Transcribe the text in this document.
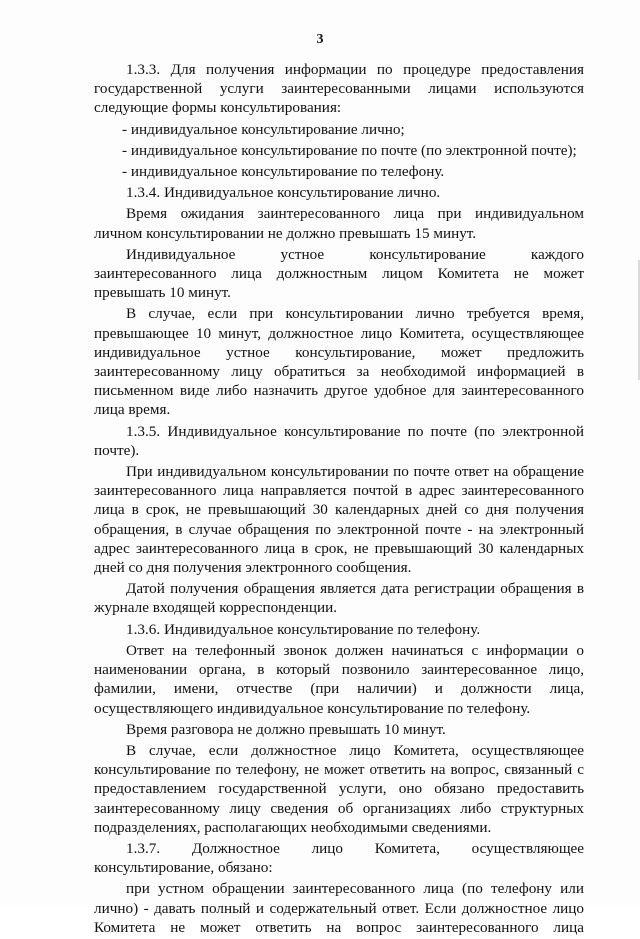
3

1.3.3. Для получения информации по процедуре предоставления государственной услуги заинтересованными лицами используются следующие формы консультирования:

- индивидуальное консультирование лично;

- индивидуальное консультирование по почте (по электронной почте);

- индивидуальное консультирование по телефону.

1.3.4. Индивидуальное консультирование лично.

Время ожидания заинтересованного лица при индивидуальном личном консультировании не должно превышать 15 минут.

Индивидуальное устное консультирование каждого заинтересованного лица должностным лицом Комитета не может превышать 10 минут.

В случае, если при консультировании лично требуется время, превышающее 10 минут, должностное лицо Комитета, осуществляющее индивидуальное устное консультирование, может предложить заинтересованному лицу обратиться за необходимой информацией в письменном виде либо назначить другое удобное для заинтересованного лица время.

1.3.5. Индивидуальное консультирование по почте (по электронной почте).

При индивидуальном консультировании по почте ответ на обращение заинтересованного лица направляется почтой в адрес заинтересованного лица в срок, не превышающий 30 календарных дней со дня получения обращения, в случае обращения по электронной почте - на электронный адрес заинтересованного лица в срок, не превышающий 30 календарных дней со дня получения электронного сообщения.

Датой получения обращения является дата регистрации обращения в журнале входящей корреспонденции.

1.3.6. Индивидуальное консультирование по телефону.

Ответ на телефонный звонок должен начинаться с информации о наименовании органа, в который позвонило заинтересованное лицо, фамилии, имени, отчестве (при наличии) и должности лица, осуществляющего индивидуальное консультирование по телефону.

Время разговора не должно превышать 10 минут.

В случае, если должностное лицо Комитета, осуществляющее консультирование по телефону, не может ответить на вопрос, связанный с предоставлением государственной услуги, оно обязано предоставить заинтересованному лицу сведения об организациях либо структурных подразделениях, располагающих необходимыми сведениями.

1.3.7. Должностное лицо Комитета, осуществляющее консультирование, обязано:

при устном обращении заинтересованного лица (по телефону или лично) - давать полный и содержательный ответ. Если должностное лицо Комитета не может ответить на вопрос заинтересованного лица
